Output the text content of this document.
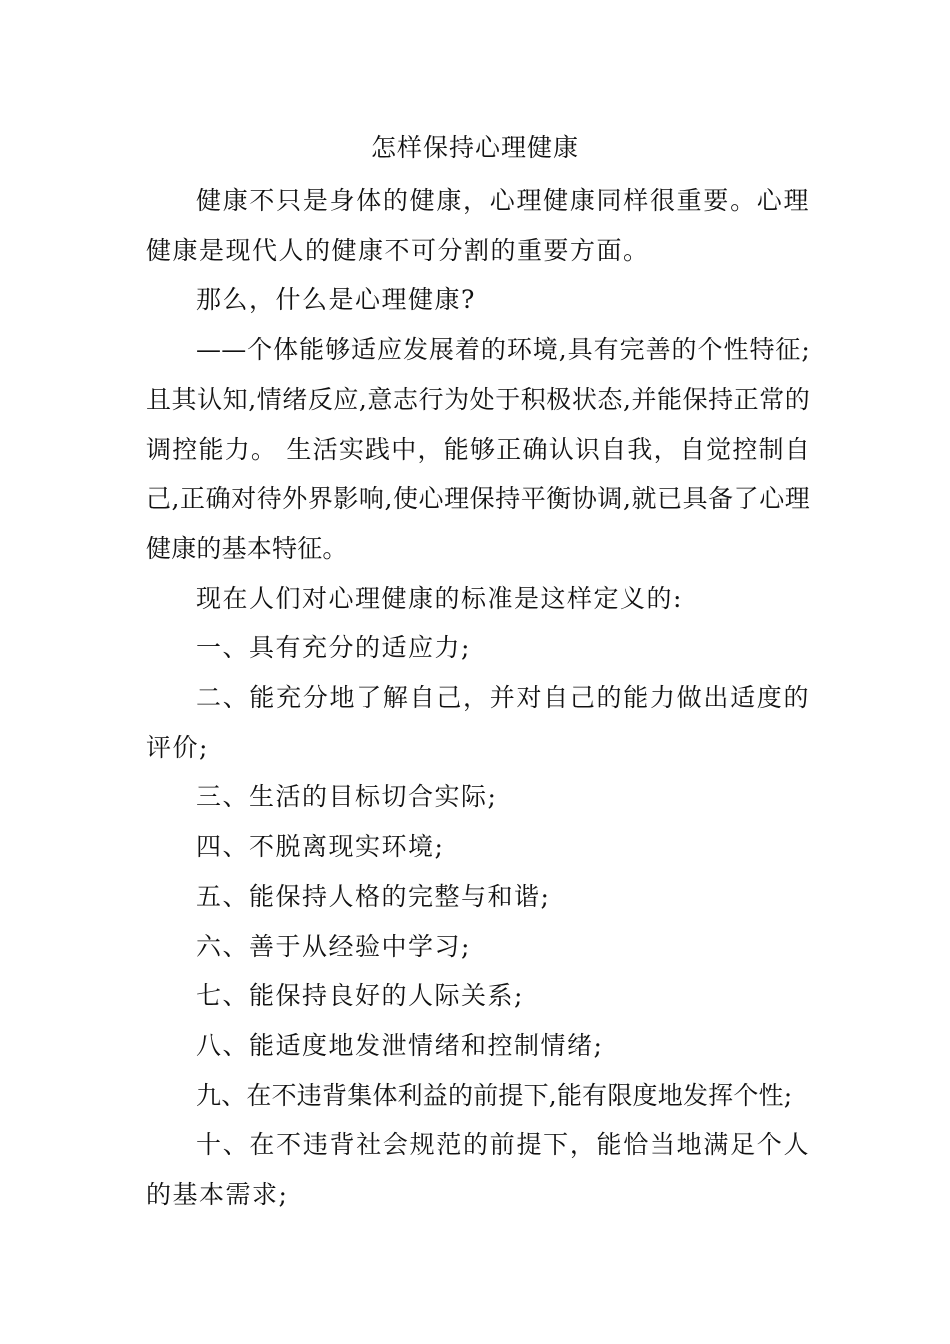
怎样保持心理健康

健康不只是身体的健康，心理健康同样很重要。心理健康是现代人的健康不可分割的重要方面。

那么，什么是心理健康?

——个体能够适应发展着的环境,具有完善的个性特征;且其认知,情绪反应,意志行为处于积极状态,并能保持正常的调控能力。 生活实践中，能够正确认识自我，自觉控制自己,正确对待外界影响,使心理保持平衡协调,就已具备了心理健康的基本特征。

现在人们对心理健康的标准是这样定义的:

一、具有充分的适应力;

二、能充分地了解自己，并对自己的能力做出适度的评价;

三、生活的目标切合实际;

四、不脱离现实环境;

五、能保持人格的完整与和谐;

六、善于从经验中学习;

七、能保持良好的人际关系;

八、能适度地发泄情绪和控制情绪;

九、在不违背集体利益的前提下,能有限度地发挥个性;

十、在不违背社会规范的前提下，能恰当地满足个人的基本需求;
